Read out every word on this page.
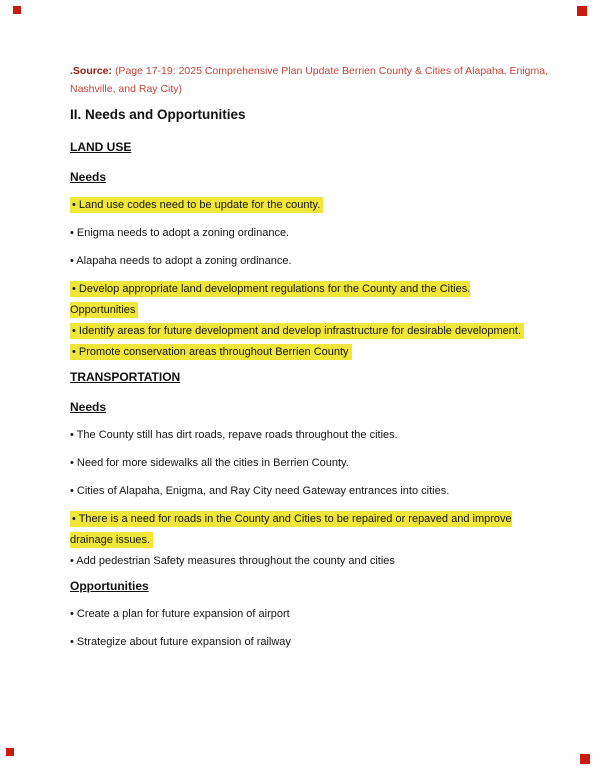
.Source: (Page 17-19: 2025 Comprehensive Plan Update Berrien County & Cities of Alapaha, Enigma,
Nashville, and Ray City)

II. Needs and Opportunities
LAND USE
Needs

• Land use codes need to be update for the county.

• Enigma needs to adopt a zoning ordinance.

• Alapaha needs to adopt a zoning ordinance.

• Develop appropriate land development regulations for the County and the Cities. Opportunities

• Identify areas for future development and develop infrastructure for desirable development.

• Promote conservation areas throughout Berrien County

TRANSPORTATION
Needs

• The County still has dirt roads, repave roads throughout the cities.

• Need for more sidewalks all the cities in Berrien County.

• Cities of Alapaha, Enigma, and Ray City need Gateway entrances into cities.

• There is a need for roads in the County and Cities to be repaired or repaved and improve drainage issues.

• Add pedestrian Safety measures throughout the county and cities

Opportunities

• Create a plan for future expansion of airport

• Strategize about future expansion of railway
